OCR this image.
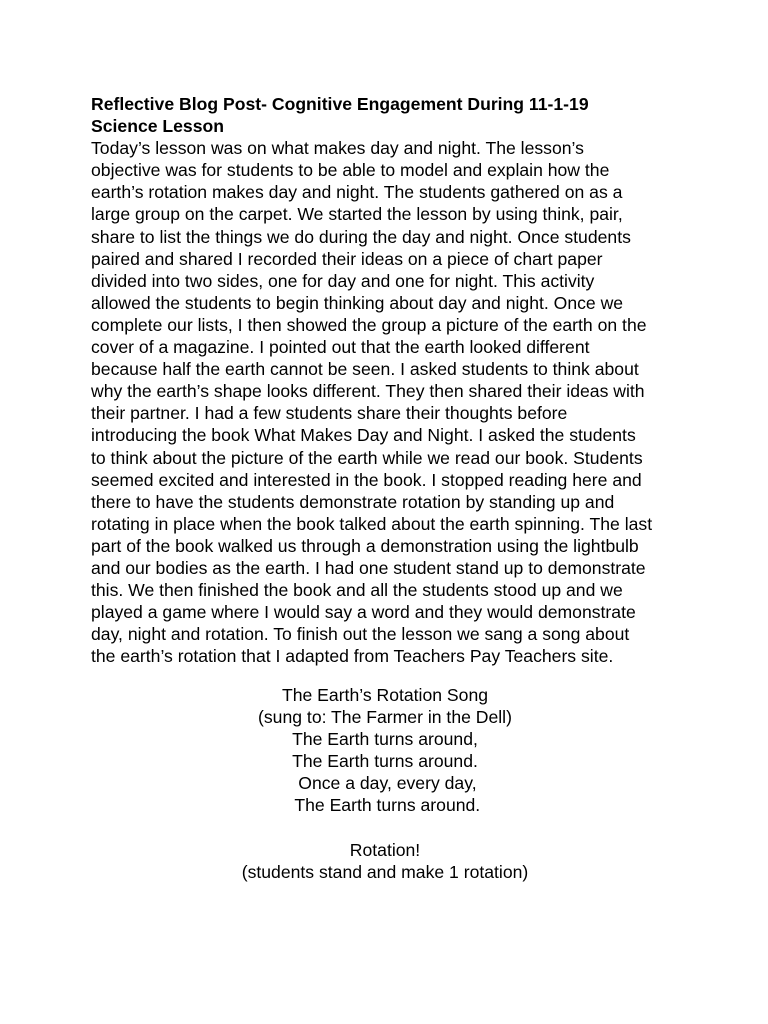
Reflective Blog Post- Cognitive Engagement During 11-1-19
Science Lesson
Today’s lesson was on what makes day and night. The lesson’s
objective was for students to be able to model and explain how the
earth’s rotation makes day and night. The students gathered on as a
large group on the carpet. We started the lesson by using think, pair,
share to list the things we do during the day and night. Once students
paired and shared I recorded their ideas on a piece of chart paper
divided into two sides, one for day and one for night. This activity
allowed the students to begin thinking about day and night. Once we
complete our lists, I then showed the group a picture of the earth on the
cover of a magazine. I pointed out that the earth looked different
because half the earth cannot be seen. I asked students to think about
why the earth’s shape looks different. They then shared their ideas with
their partner. I had a few students share their thoughts before
introducing the book What Makes Day and Night. I asked the students
to think about the picture of the earth while we read our book. Students
seemed excited and interested in the book. I stopped reading here and
there to have the students demonstrate rotation by standing up and
rotating in place when the book talked about the earth spinning. The last
part of the book walked us through a demonstration using the lightbulb
and our bodies as the earth. I had one student stand up to demonstrate
this. We then finished the book and all the students stood up and we
played a game where I would say a word and they would demonstrate
day, night and rotation. To finish out the lesson we sang a song about
the earth’s rotation that I adapted from Teachers Pay Teachers site.
The Earth’s Rotation Song
(sung to: The Farmer in the Dell)
The Earth turns around,
The Earth turns around.
Once a day, every day,
The Earth turns around.
Rotation!
(students stand and make 1 rotation)
